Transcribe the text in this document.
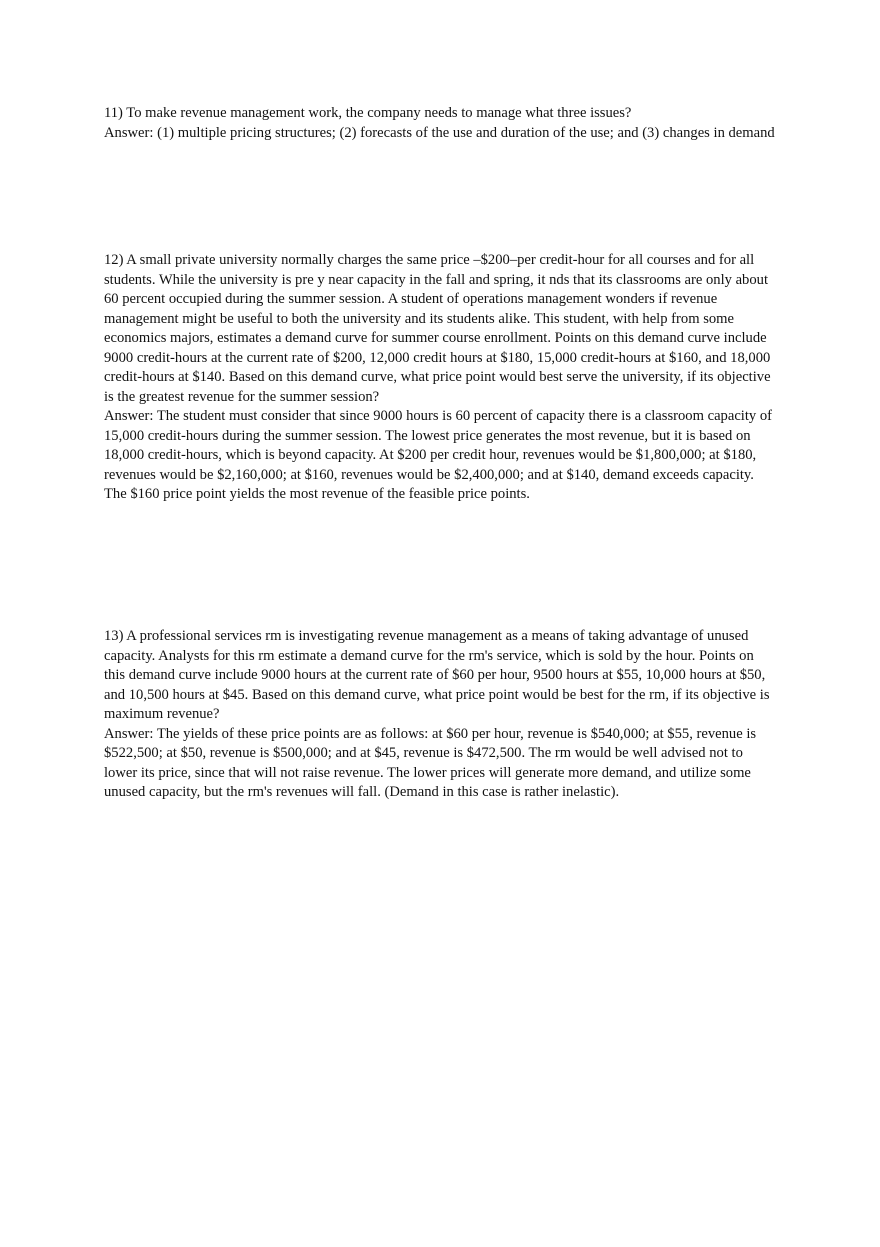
11) To make revenue management work, the company needs to manage what three issues?

Answer: (1) multiple pricing structures; (2) forecasts of the use and duration of the use; and (3) changes in demand

12) A small private university normally charges the same price –$200–per credit-hour for all courses and for all students. While the university is pre y near capacity in the fall and spring, it nds that its classrooms are only about 60 percent occupied during the summer session. A student of operations management wonders if revenue management might be useful to both the university and its students alike. This student, with help from some economics majors, estimates a demand curve for summer course enrollment. Points on this demand curve include 9000 credit-hours at the current rate of $200, 12,000 credit hours at $180, 15,000 credit-hours at $160, and 18,000 credit-hours at $140. Based on this demand curve, what price point would best serve the university, if its objective is the greatest revenue for the summer session?

Answer: The student must consider that since 9000 hours is 60 percent of capacity there is a classroom capacity of 15,000 credit-hours during the summer session. The lowest price generates the most revenue, but it is based on 18,000 credit-hours, which is beyond capacity. At $200 per credit hour, revenues would be $1,800,000; at $180, revenues would be $2,160,000; at $160, revenues would be $2,400,000; and at $140, demand exceeds capacity. The $160 price point yields the most revenue of the feasible price points.

13) A professional services rm is investigating revenue management as a means of taking advantage of unused capacity. Analysts for this rm estimate a demand curve for the rm's service, which is sold by the hour. Points on this demand curve include 9000 hours at the current rate of $60 per hour, 9500 hours at $55, 10,000 hours at $50, and 10,500 hours at $45. Based on this demand curve, what price point would be best for the rm, if its objective is maximum revenue?

Answer: The yields of these price points are as follows: at $60 per hour, revenue is $540,000; at $55, revenue is $522,500; at $50, revenue is $500,000; and at $45, revenue is $472,500. The rm would be well advised not to lower its price, since that will not raise revenue. The lower prices will generate more demand, and utilize some unused capacity, but the rm's revenues will fall. (Demand in this case is rather inelastic).
